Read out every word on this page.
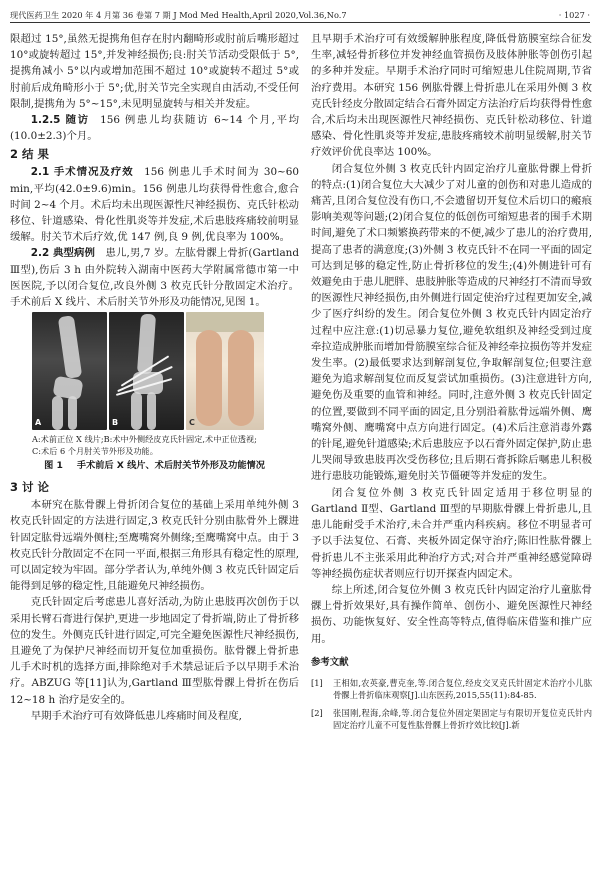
现代医药卫生 2020 年 4 月第 36 卷第 7 期 J Mod Med Health,April 2020,Vol.36,No.7	· 1027 ·

限超过 15°,虽然无提携角但存在肘内翻畸形或肘前后嘴形超过 10°或旋转超过 15°,并发神经损伤;良:肘关节活动受限低于 5°,提携角减小 5°以内或增加范围不超过 10°或旋转不超过 5°或肘前后成角畸形小于 5°;优,肘关节完全实现自由活动,不受任何限制,提携角为 5°~15°,未见明显旋转与相关并发症。

1.2.5 随访  156 例患儿均获随访 6~14 个月,平均(10.0±2.3)个月。

2 结 果

2.1 手术情况及疗效  156 例患儿手术时间为 30~60 min,平均(42.0±9.6)min。156 例患儿均获得骨性愈合,愈合时间 2~4 个月。术后均未出现医源性尺神经损伤、克氏针松动移位、针道感染、骨化性肌炎等并发症,术后患肢疼痛较前明显缓解。肘关节术后疗效,优 147 例,良 9 例,优良率为 100%。

2.2 典型病例  患儿,男,7 岁。左肱骨髁上骨折(Gartland Ⅲ型),伤后 3 h 由外院转入湖南中医药大学附属常德市第一中医医院,予以闭合复位,改良外侧 3 枚克氏针分散固定术治疗。手术前后 X 线片、术后肘关节外形及功能情况,见图 1。

A	B	C
A:术前正位 X 线片;B:术中外侧经皮克氏针固定,术中正位透视;
C:术后 6 个月肘关节外形及功能。
图 1 手术前后 X 线片、术后肘关节外形及功能情况
3 讨 论

本研究在肱骨髁上骨折闭合复位的基础上采用单纯外侧 3 枚克氏针固定的方法进行固定,3 枚克氏针分别由肱骨外上髁进针固定肱骨远端外侧柱;至鹰嘴窝外侧缘;至鹰嘴窝中点。由于 3 枚克氏针分散固定不在同一平面,根据三角形具有稳定性的原理,可以固定较为牢固。部分学者认为,单纯外侧 3 枚克氏针固定后能得到足够的稳定性,且能避免尺神经损伤。

克氏针固定后考虑患儿喜好活动,为防止患肢再次创伤于以采用长臂石膏进行保护,更进一步地固定了骨折端,防止了骨折移位的发生。外侧克氏针进行固定,可完全避免医源性尺神经损伤,且避免了为保护尺神经而切开复位加重损伤。肱骨髁上骨折患儿手术时机的选择方面,排除绝对手术禁忌证后予以早期手术治疗。ABZUG 等[11]认为,Gartland Ⅲ型肱骨髁上骨折在伤后 12~18 h 治疗是安全的。

早期手术治疗可有效降低患儿疼痛时间及程度,

且早期手术治疗可有效缓解肿胀程度,降低骨筋膜室综合征发生率,减轻骨折移位并发神经血管损伤及肢体肿胀等创伤引起的多种并发症。早期手术治疗同时可缩短患儿住院周期,节省治疗费用。本研究 156 例肱骨髁上骨折患儿在采用外侧 3 枚克氏针经皮分散固定结合石膏外固定方法治疗后均获得骨性愈合,术后均未出现医源性尺神经损伤、克氏针松动移位、针道感染、骨化性肌炎等并发症,患肢疼痛较术前明显缓解,肘关节疗效评价优良率达 100%。

闭合复位外侧 3 枚克氏针内固定治疗儿童肱骨髁上骨折的特点:(1)闭合复位大大减少了对儿童的创伤和对患儿造成的痛苦,且闭合复位没有伤口,不会遗留切开复位术后切口的瘢痕影响美观等问题;(2)闭合复位的低创伤可缩短患者的围手术期时间,避免了术口频繁换药带来的不便,减少了患儿的治疗费用,提高了患者的满意度;(3)外侧 3 枚克氏针不在同一平面的固定可达到足够的稳定性,防止骨折移位的发生;(4)外侧进针可有效避免由于患儿肥胖、患肢肿胀等造成的尺神经打不清而导致的医源性尺神经损伤,由外侧进行固定使治疗过程更加安全,减少了医疗纠纷的发生。闭合复位外侧 3 枚克氏针内固定治疗过程中应注意:(1)切忌暴力复位,避免软组织及神经受到过度牵拉造成肿胀而增加骨筋膜室综合征及神经牵拉损伤等并发症发生率。(2)最低要求达到解剖复位,争取解剖复位;但要注意避免为追求解剖复位而反复尝试加重损伤。(3)注意进针方向,避免伤及重要的血管和神经。同时,注意外侧 3 枚克氏针固定的位置,要做到不同平面的固定,且分别沿着肱骨远端外侧、鹰嘴窝外侧、鹰嘴窝中点方向进行固定。(4)术后注意消毒外露的针尾,避免针道感染;术后患肢应予以石膏外固定保护,防止患儿哭闹导致患肢再次受伤移位;且后期石膏拆除后嘱患儿积极进行患肢功能锻炼,避免肘关节僵硬等并发症的发生。

闭合复位外侧 3 枚克氏针固定适用于移位明显的 Gartland Ⅱ型、Gartland Ⅲ型的早期肱骨髁上骨折患儿,且患儿能耐受手术治疗,未合并严重内科疾病。移位不明显者可予以手法复位、石膏、夹板外固定保守治疗;陈旧性肱骨髁上骨折患儿不主张采用此种治疗方式;对合并严重神经感觉障碍等神经损伤症状者则应行切开探查内固定术。

综上所述,闭合复位外侧 3 枚克氏针内固定治疗儿童肱骨髁上骨折效果好,具有操作简单、创伤小、避免医源性尺神经损伤、功能恢复好、安全性高等特点,值得临床借鉴和推广应用。

参考文献
[1]	王相如,农英豪,曹克奎,等.闭合复位,经皮交叉克氏针固定术治疗小儿肱骨髁上骨折临床观察[J].山东医药,2015,55(11):84-85.
[2]	张国刚,程海,余峰,等.闭合复位外固定架固定与有限切开复位克氏针内固定治疗儿童不可复性肱骨髁上骨折疗效比较[J].新
